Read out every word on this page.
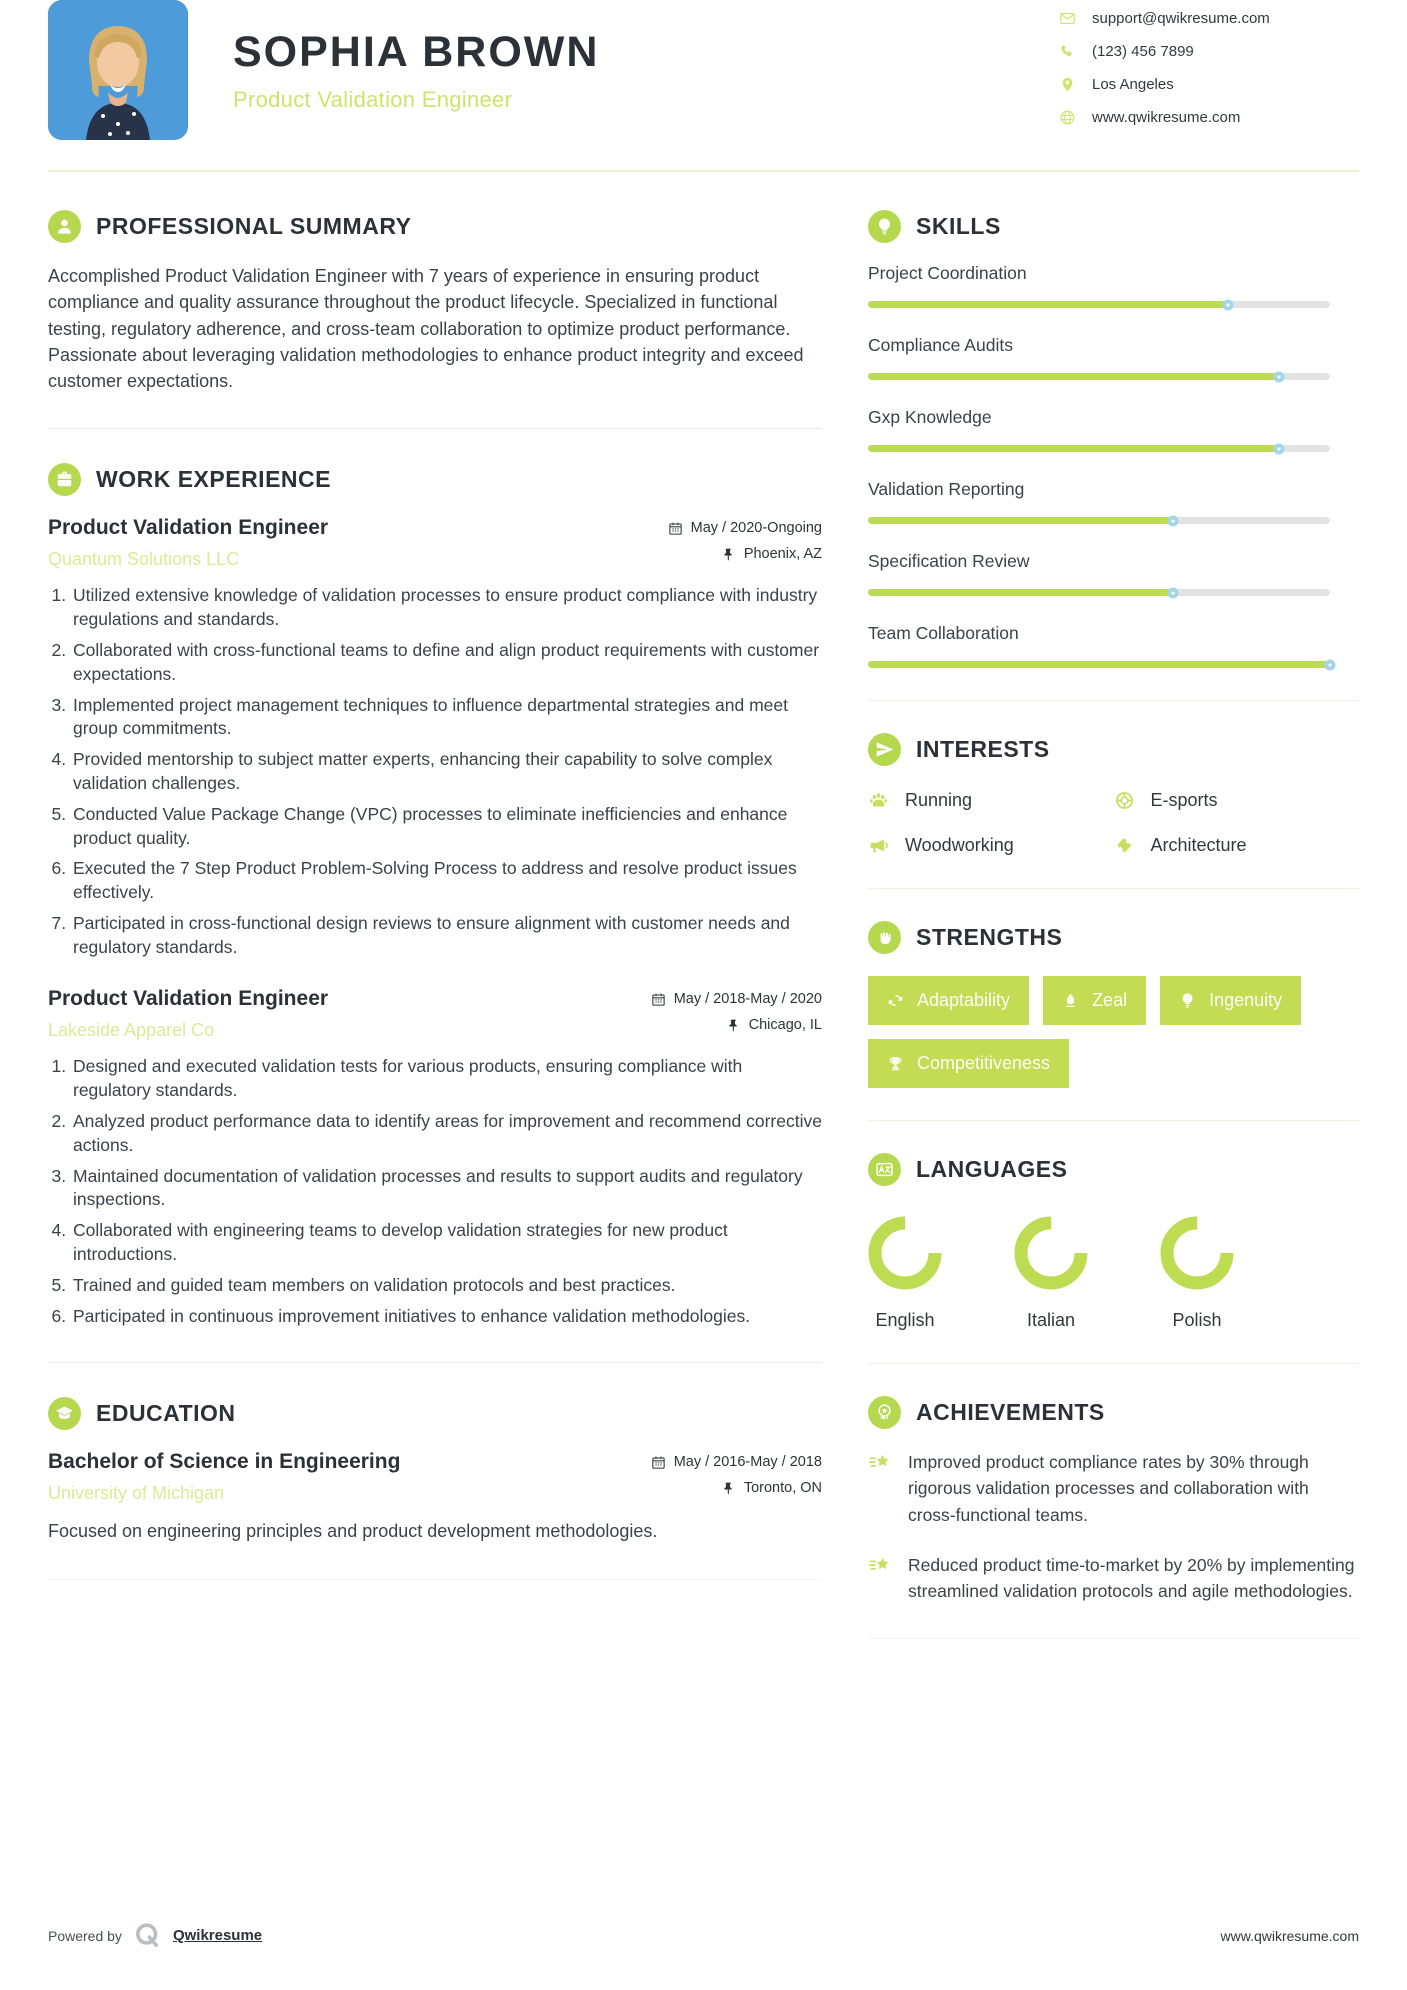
SOPHIA BROWN
Product Validation Engineer
support@qwikresume.com
(123) 456 7899
Los Angeles
www.qwikresume.com
PROFESSIONAL SUMMARY

Accomplished Product Validation Engineer with 7 years of experience in ensuring product compliance and quality assurance throughout the product lifecycle. Specialized in functional testing, regulatory adherence, and cross-team collaboration to optimize product performance. Passionate about leveraging validation methodologies to enhance product integrity and exceed customer expectations.

WORK EXPERIENCE
Product Validation Engineer
Quantum Solutions LLC
May / 2020-Ongoing
Phoenix, AZ
1. Utilized extensive knowledge of validation processes to ensure product compliance with industry regulations and standards.
2. Collaborated with cross-functional teams to define and align product requirements with customer expectations.
3. Implemented project management techniques to influence departmental strategies and meet group commitments.
4. Provided mentorship to subject matter experts, enhancing their capability to solve complex validation challenges.
5. Conducted Value Package Change (VPC) processes to eliminate inefficiencies and enhance product quality.
6. Executed the 7 Step Product Problem-Solving Process to address and resolve product issues effectively.
7. Participated in cross-functional design reviews to ensure alignment with customer needs and regulatory standards.
Product Validation Engineer
Lakeside Apparel Co
May / 2018-May / 2020
Chicago, IL
1. Designed and executed validation tests for various products, ensuring compliance with regulatory standards.
2. Analyzed product performance data to identify areas for improvement and recommend corrective actions.
3. Maintained documentation of validation processes and results to support audits and regulatory inspections.
4. Collaborated with engineering teams to develop validation strategies for new product introductions.
5. Trained and guided team members on validation protocols and best practices.
6. Participated in continuous improvement initiatives to enhance validation methodologies.
EDUCATION
Bachelor of Science in Engineering
University of Michigan
May / 2016-May / 2018
Toronto, ON

Focused on engineering principles and product development methodologies.

SKILLS
Project Coordination
Compliance Audits
Gxp Knowledge
Validation Reporting
Specification Review
Team Collaboration
INTERESTS
Running	E-sports
Woodworking	Architecture
STRENGTHS
Adaptability	Zeal	Ingenuity
Competitiveness
LANGUAGES
English	Italian	Polish
ACHIEVEMENTS

Improved product compliance rates by 30% through rigorous validation processes and collaboration with cross-functional teams.

Reduced product time-to-market by 20% by implementing streamlined validation protocols and agile methodologies.

Powered by	Qwikresume	www.qwikresume.com
